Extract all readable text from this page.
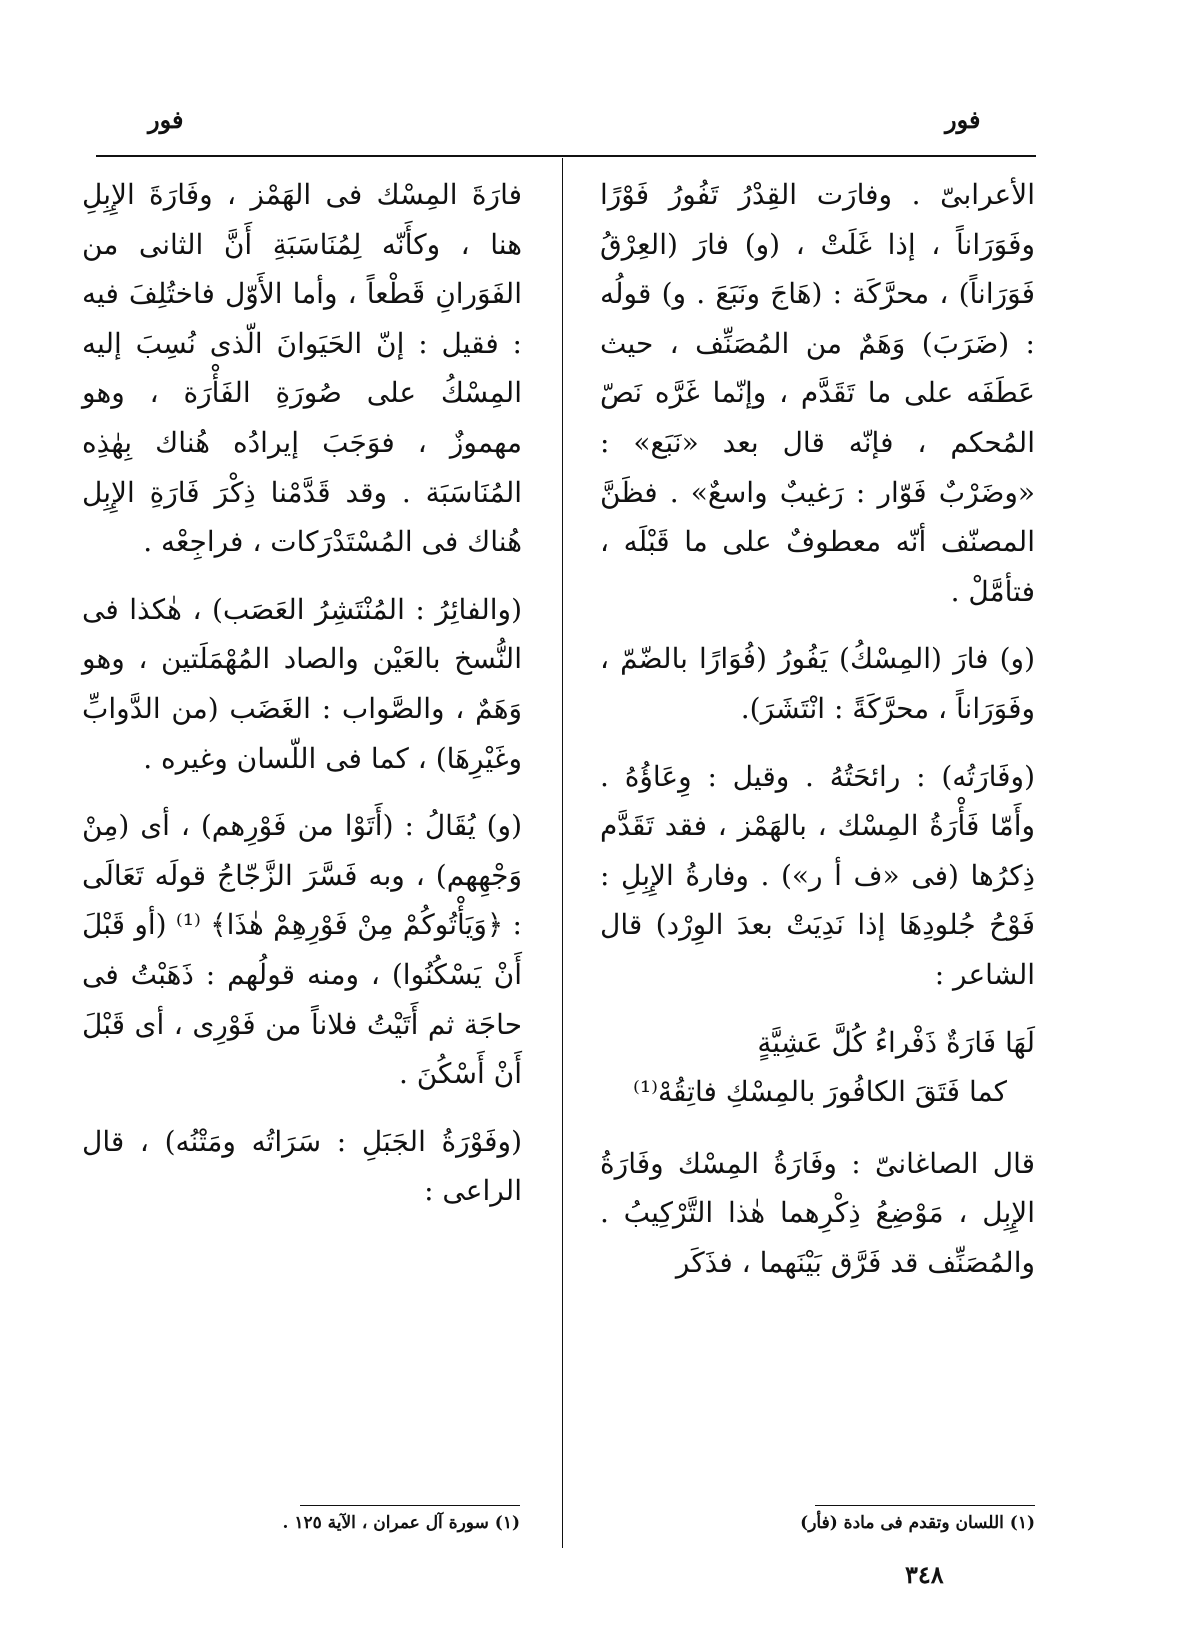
فور
فور

الأعرابىّ . وفارَت القِدْرُ تَفُورُ فَوْرًا وفَوَرَاناً ، إذا غَلَتْ ، (و) فارَ (العِرْقُ فَوَرَاناً) ، محرَّكَة : (هَاجَ ونَبَعَ . و) قولُه : (ضَرَبَ) وَهَمٌ من المُصَنِّف ، حيث عَطَفَه على ما تَقَدَّم ، وإنّما غَرَّه نَصّ المُحكم ، فإنّه قال بعد «نَبَع» : «وضَرْبٌ فَوّار : رَغيبٌ واسعٌ» . فظَنَّ المصنّف أنّه معطوفٌ على ما قَبْلَه ، فتأمَّلْ .

(و) فارَ (المِسْكُ) يَفُورُ (فُوَارًا بالضّمّ ، وفَوَرَاناً ، محرَّكَةً : انْتَشَرَ).

(وفَارَتُه) : رائحَتُهُ . وقيل : وِعَاؤُهُ . وأَمّا فَأْرَةُ المِسْك ، بالهَمْز ، فقد تَقَدَّم ذِكرُها (فى «ف أ ر») . وفارةُ الإِبِلِ : فَوْحُ جُلودِهَا إذا نَدِيَتْ بعدَ الوِرْد) قال الشاعر :

لَهَا فَارَةٌ ذَفْراءُ كُلَّ عَشِيَّةٍ
كما فَتَقَ الكافُورَ بالمِسْكِ فاتِقُهْ⁽¹⁾

قال الصاغانىّ : وفَارَةُ المِسْك وفَارَةُ الإِبِل ، مَوْضِعُ ذِكْرِهما هٰذا التَّرْكِيبُ . والمُصَنِّف قد فَرَّق بَيْنَهما ، فذَكَر

فارَةَ المِسْك فى الهَمْز ، وفَارَةَ الإِبِلِ هنا ، وكأَنّه لِمُنَاسَبَةِ أَنَّ الثانى من الفَوَرانِ قَطْعاً ، وأما الأَوّل فاختُلِفَ فيه : فقيل : إنّ الحَيَوانَ الّذى نُسِبَ إليه المِسْكُ على صُورَةِ الفَأْرَة ، وهو مهموزٌ ، فوَجَبَ إيرادُه هُناك بِهٰذِه المُنَاسَبَة . وقد قَدَّمْنا ذِكْرَ فَارَةِ الإِبِل هُناك فى المُسْتَدْرَكات ، فراجِعْه .

(والفائِرُ : المُنْتَشِرُ العَصَب) ، هٰكذا فى النُّسخ بالعَيْن والصاد المُهْمَلَتين ، وهو وَهَمٌ ، والصَّواب : الغَضَب (من الدَّوابِّ وغَيْرِهَا) ، كما فى اللّسان وغيره .

(و) يُقَالُ : (أَتَوْا من فَوْرِهم) ، أى (مِنْ وَجْهِهم) ، وبه فَسَّرَ الزَّجّاجُ قولَه تَعَالَى : ﴿وَيَأْتُوكُمْ مِنْ فَوْرِهِمْ هٰذَا﴾ ⁽¹⁾ (أو قَبْلَ أَنْ يَسْكُنُوا) ، ومنه قولُهم : ذَهَبْتُ فى حاجَة ثم أَتَيْتُ فلاناً من فَوْرِى ، أى قَبْلَ أَنْ أَسْكُنَ .

(وفَوْرَةُ الجَبَلِ : سَرَاتُه ومَتْنُه) ، قال الراعى :

(١) اللسان وتقدم فى مادة (فأر)
(١) سورة آل عمران ، الآية ١٢٥ .
٣٤٨
